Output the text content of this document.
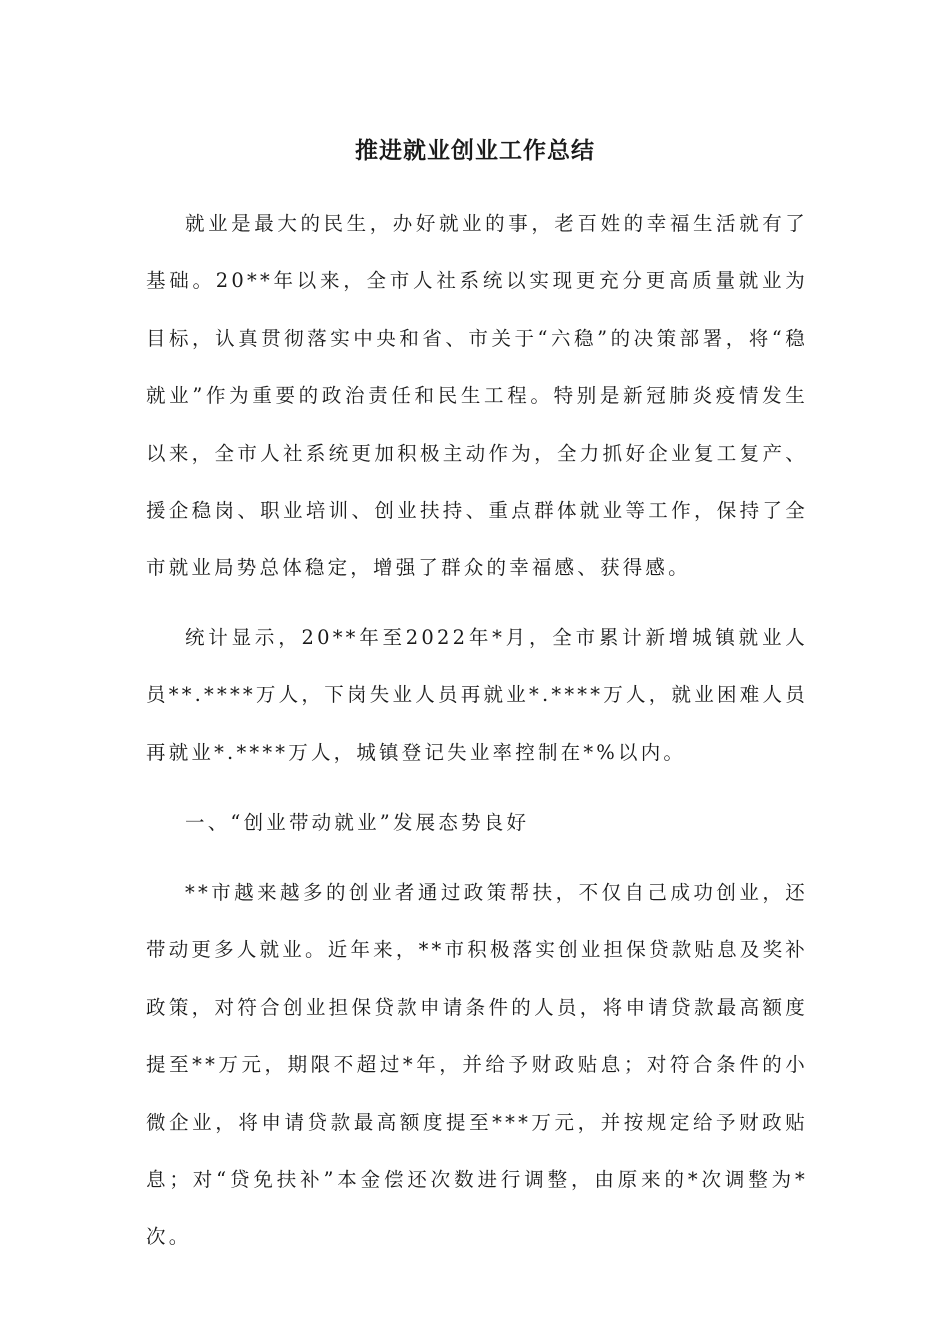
推进就业创业工作总结

就业是最大的民生，办好就业的事，老百姓的幸福生活就有了基础。20**年以来，全市人社系统以实现更充分更高质量就业为目标，认真贯彻落实中央和省、市关于“六稳”的决策部署，将“稳就业”作为重要的政治责任和民生工程。特别是新冠肺炎疫情发生以来，全市人社系统更加积极主动作为，全力抓好企业复工复产、援企稳岗、职业培训、创业扶持、重点群体就业等工作，保持了全市就业局势总体稳定，增强了群众的幸福感、获得感。

统计显示，20**年至2022年*月，全市累计新增城镇就业人员**.****万人，下岗失业人员再就业*.****万人，就业困难人员再就业*.****万人，城镇登记失业率控制在*%以内。

一、“创业带动就业”发展态势良好

**市越来越多的创业者通过政策帮扶，不仅自己成功创业，还带动更多人就业。近年来，**市积极落实创业担保贷款贴息及奖补政策，对符合创业担保贷款申请条件的人员，将申请贷款最高额度提至**万元，期限不超过*年，并给予财政贴息；对符合条件的小微企业，将申请贷款最高额度提至***万元，并按规定给予财政贴息；对“贷免扶补”本金偿还次数进行调整，由原来的*次调整为*次。
